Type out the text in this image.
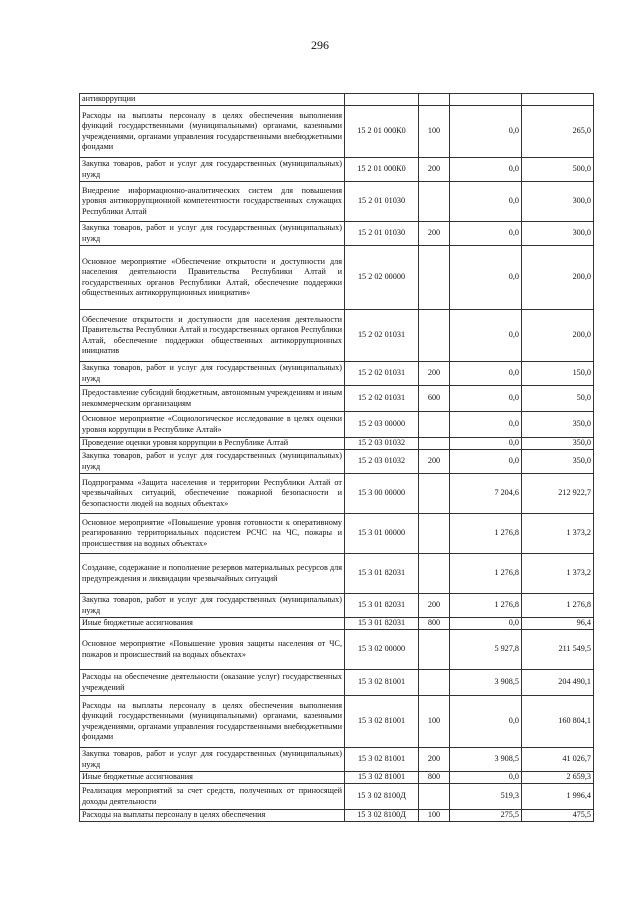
296
антикоррупции				
Расходы на выплаты персоналу в целях обеспечения выполнения функций государственными (муниципальными) органами, казенными учреждениями, органами управления государственными внебюджетными фондами	15 2 01 000К0	100	0,0	265,0
Закупка товаров, работ и услуг для государственных (муниципальных) нужд	15 2 01 000К0	200	0,0	500,0
Внедрение информационно-аналитических систем для повышения уровня антикоррупционной компетентности государственных служащих Республики Алтай	15 2 01 01030		0,0	300,0
Закупка товаров, работ и услуг для государственных (муниципальных) нужд	15 2 01 01030	200	0,0	300,0
Основное мероприятие «Обеспечение открытости и доступности для населения деятельности Правительства Республики Алтай и государственных органов Республики Алтай, обеспечение поддержки общественных антикоррупционных инициатив»	15 2 02 00000		0,0	200,0
Обеспечение открытости и доступности для населения деятельности Правительства Республики Алтай и государственных органов Республики Алтай, обеспечение поддержки общественных антикоррупционных инициатив	15 2 02 01031		0,0	200,0
Закупка товаров, работ и услуг для государственных (муниципальных) нужд	15 2 02 01031	200	0,0	150,0
Предоставление субсидий бюджетным, автономным учреждениям и иным некоммерческим организациям	15 2 02 01031	600	0,0	50,0
Основное мероприятие «Социологическое исследование в целях оценки уровня коррупции в Республике Алтай»	15 2 03 00000		0,0	350,0
Проведение оценки уровня коррупции в Республике Алтай	15 2 03 01032		0,0	350,0
Закупка товаров, работ и услуг для государственных (муниципальных) нужд	15 2 03 01032	200	0,0	350,0
Подпрограмма «Защита населения и территории Республики Алтай от чрезвычайных ситуаций, обеспечение пожарной безопасности и безопасности людей на водных объектах»	15 3 00 00000		7 204,6	212 922,7
Основное мероприятие «Повышение уровня готовности к оперативному реагированию территориальных подсистем РСЧС на ЧС, пожары и происшествия на водных объектах»	15 3 01 00000		1 276,8	1 373,2
Создание, содержание и пополнение резервов материальных ресурсов для предупреждения и ликвидации чрезвычайных ситуаций	15 3 01 82031		1 276,8	1 373,2
Закупка товаров, работ и услуг для государственных (муниципальных) нужд	15 3 01 82031	200	1 276,8	1 276,8
Иные бюджетные ассигнования	15 3 01 82031	800	0,0	96,4
Основное мероприятие «Повышение уровня защиты населения от ЧС, пожаров и происшествий на водных объектах»	15 3 02 00000		5 927,8	211 549,5
Расходы на обеспечение деятельности (оказание услуг) государственных учреждений	15 3 02 81001		3 908,5	204 490,1
Расходы на выплаты персоналу в целях обеспечения выполнения функций государственными (муниципальными) органами, казенными учреждениями, органами управления государственными внебюджетными фондами	15 3 02 81001	100	0,0	160 804,1
Закупка товаров, работ и услуг для государственных (муниципальных) нужд	15 3 02 81001	200	3 908,5	41 026,7
Иные бюджетные ассигнования	15 3 02 81001	800	0,0	2 659,3
Реализация мероприятий за счет средств, полученных от приносящей доходы деятельности	15 3 02 8100Д		519,3	1 996,4
Расходы на выплаты персоналу в целях обеспечения	15 3 02 8100Д	100	275,5	475,5
